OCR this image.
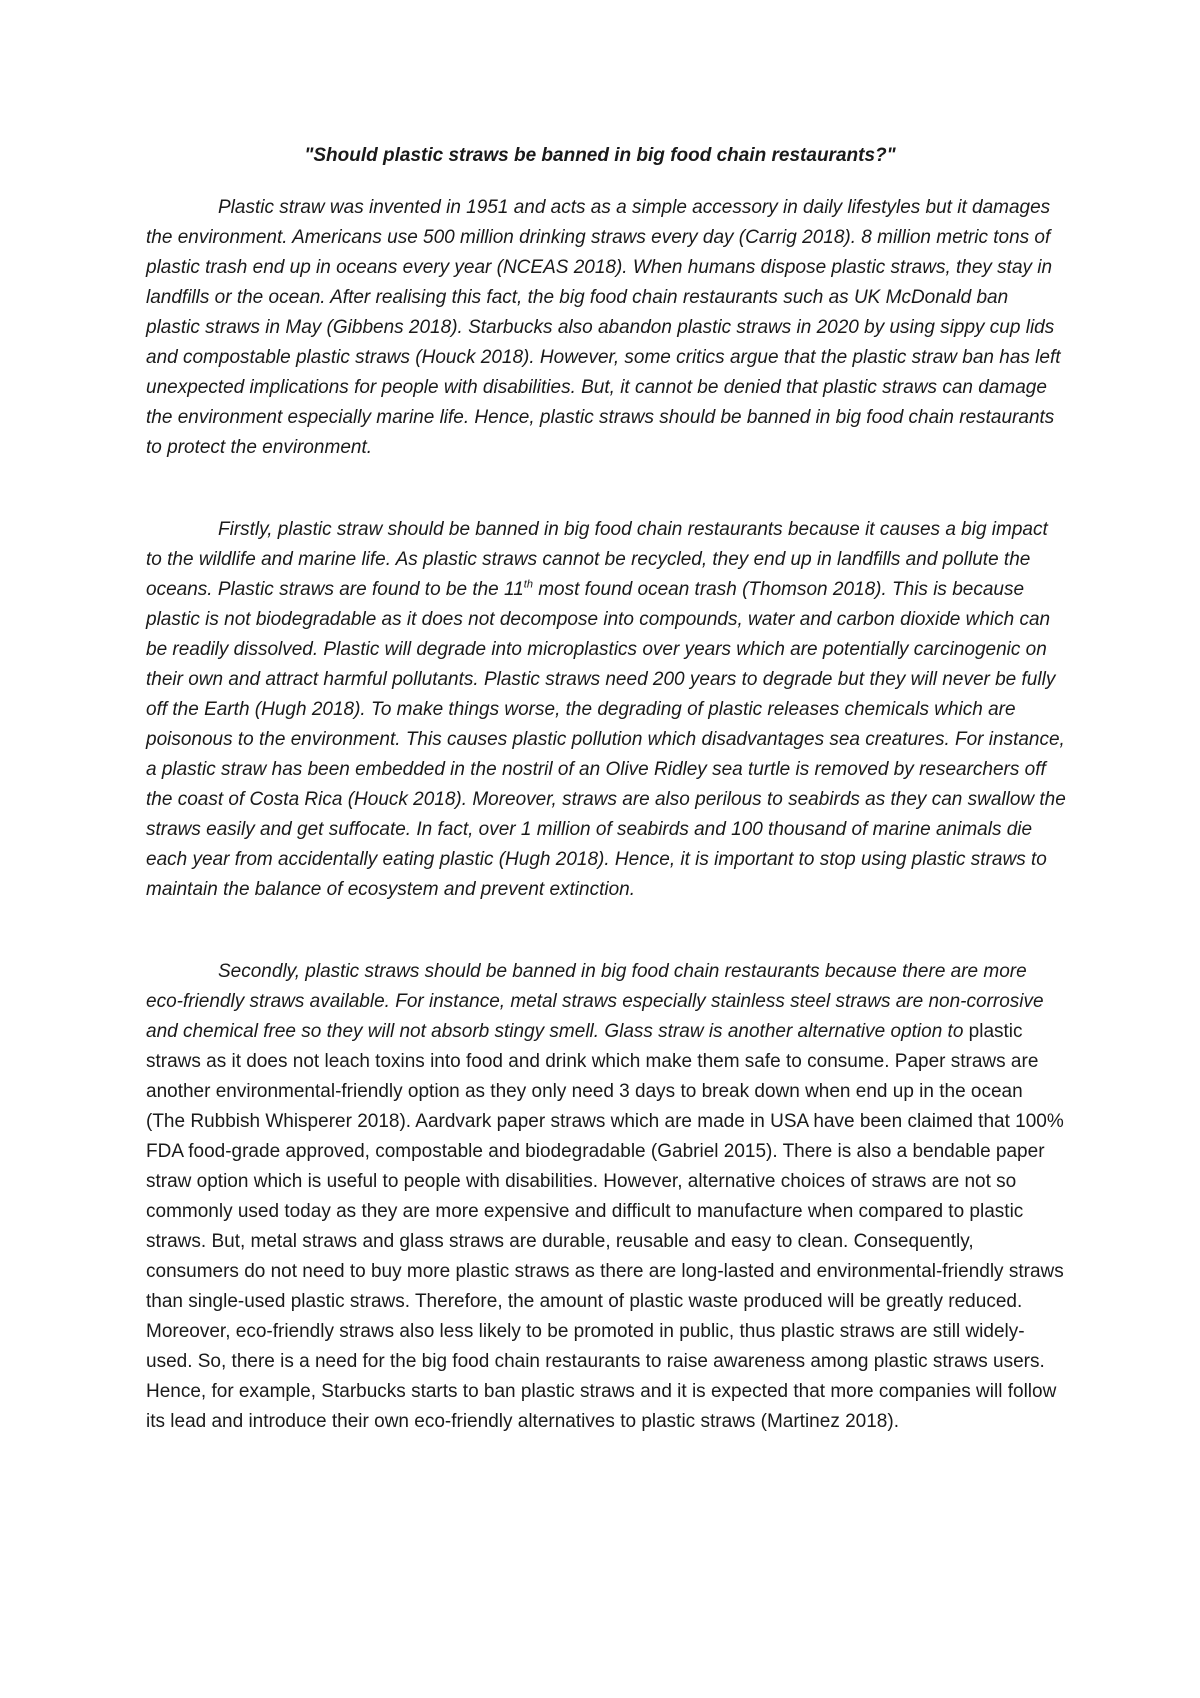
"Should plastic straws be banned in big food chain restaurants?"

Plastic straw was invented in 1951 and acts as a simple accessory in daily lifestyles but it damages the environment. Americans use 500 million drinking straws every day (Carrig 2018). 8 million metric tons of plastic trash end up in oceans every year (NCEAS 2018). When humans dispose plastic straws, they stay in landfills or the ocean. After realising this fact, the big food chain restaurants such as UK McDonald ban plastic straws in May (Gibbens 2018). Starbucks also abandon plastic straws in 2020 by using sippy cup lids and compostable plastic straws (Houck 2018). However, some critics argue that the plastic straw ban has left unexpected implications for people with disabilities. But, it cannot be denied that plastic straws can damage the environment especially marine life. Hence, plastic straws should be banned in big food chain restaurants to protect the environment.

Firstly, plastic straw should be banned in big food chain restaurants because it causes a big impact to the wildlife and marine life. As plastic straws cannot be recycled, they end up in landfills and pollute the oceans. Plastic straws are found to be the 11th most found ocean trash (Thomson 2018). This is because plastic is not biodegradable as it does not decompose into compounds, water and carbon dioxide which can be readily dissolved. Plastic will degrade into microplastics over years which are potentially carcinogenic on their own and attract harmful pollutants. Plastic straws need 200 years to degrade but they will never be fully off the Earth (Hugh 2018). To make things worse, the degrading of plastic releases chemicals which are poisonous to the environment. This causes plastic pollution which disadvantages sea creatures. For instance, a plastic straw has been embedded in the nostril of an Olive Ridley sea turtle is removed by researchers off the coast of Costa Rica (Houck 2018). Moreover, straws are also perilous to seabirds as they can swallow the straws easily and get suffocate. In fact, over 1 million of seabirds and 100 thousand of marine animals die each year from accidentally eating plastic (Hugh 2018). Hence, it is important to stop using plastic straws to maintain the balance of ecosystem and prevent extinction.

Secondly, plastic straws should be banned in big food chain restaurants because there are more eco-friendly straws available. For instance, metal straws especially stainless steel straws are non-corrosive and chemical free so they will not absorb stingy smell. Glass straw is another alternative option to plastic straws as it does not leach toxins into food and drink which make them safe to consume. Paper straws are another environmental-friendly option as they only need 3 days to break down when end up in the ocean (The Rubbish Whisperer 2018). Aardvark paper straws which are made in USA have been claimed that 100% FDA food-grade approved, compostable and biodegradable (Gabriel 2015). There is also a bendable paper straw option which is useful to people with disabilities. However, alternative choices of straws are not so commonly used today as they are more expensive and difficult to manufacture when compared to plastic straws. But, metal straws and glass straws are durable, reusable and easy to clean. Consequently, consumers do not need to buy more plastic straws as there are long-lasted and environmental-friendly straws than single-used plastic straws. Therefore, the amount of plastic waste produced will be greatly reduced. Moreover, eco-friendly straws also less likely to be promoted in public, thus plastic straws are still widely-used. So, there is a need for the big food chain restaurants to raise awareness among plastic straws users. Hence, for example, Starbucks starts to ban plastic straws and it is expected that more companies will follow its lead and introduce their own eco-friendly alternatives to plastic straws (Martinez 2018).
